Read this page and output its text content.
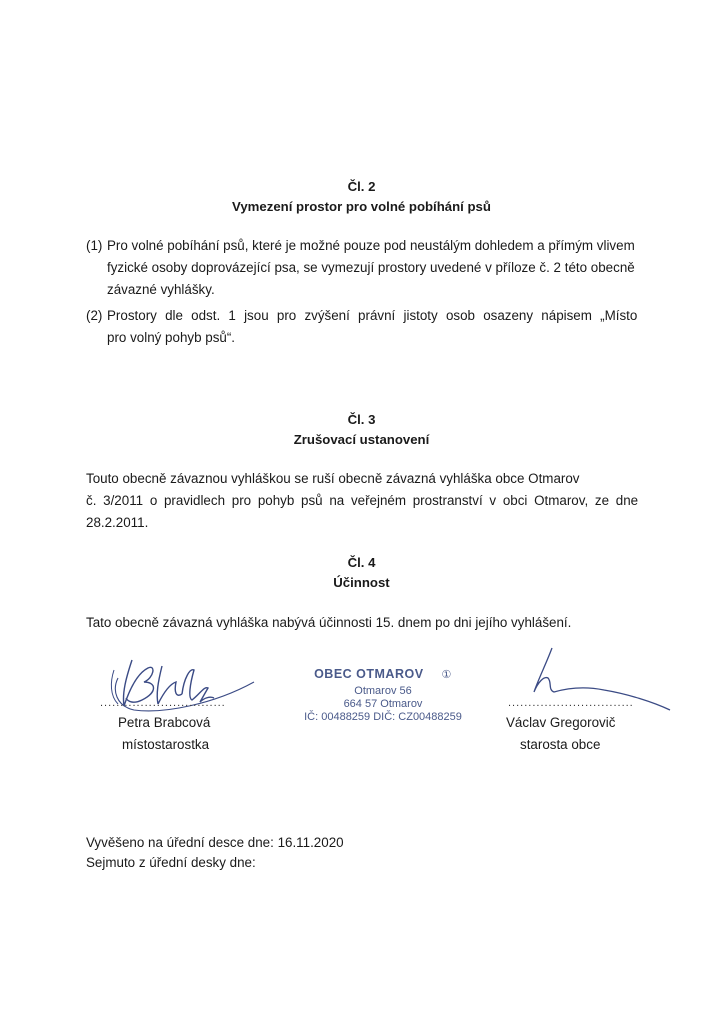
Čl. 2
Vymezení prostor pro volné pobíhání psů
(1) Pro volné pobíhání psů, které je možné pouze pod neustálým dohledem a přímým vlivem
fyzické osoby doprovázející psa, se vymezují prostory uvedené v příloze č. 2 této obecně
závazné vyhlášky.
(2) Prostory dle odst. 1 jsou pro zvýšení právní jistoty osob osazeny nápisem „Místo
pro volný pohyb psů“.
Čl. 3
Zrušovací ustanovení
Touto obecně závaznou vyhláškou se ruší obecně závazná vyhláška obce Otmarov
č. 3/2011 o pravidlech pro pohyb psů na veřejném prostranství v obci Otmarov, ze dne
28.2.2011.
Čl. 4
Účinnost
Tato obecně závazná vyhláška nabývá účinnosti 15. dnem po dni jejího vyhlášení.
...............................
Petra Brabcová
místostarostka
OBEC OTMAROV ①
Otmarov 56
664 57 Otmarov
IČ: 00488259 DIČ: CZ00488259
...............................
Václav Gregorovič
starosta obce
Vyvěšeno na úřední desce dne: 16.11.2020
Sejmuto z úřední desky dne:
